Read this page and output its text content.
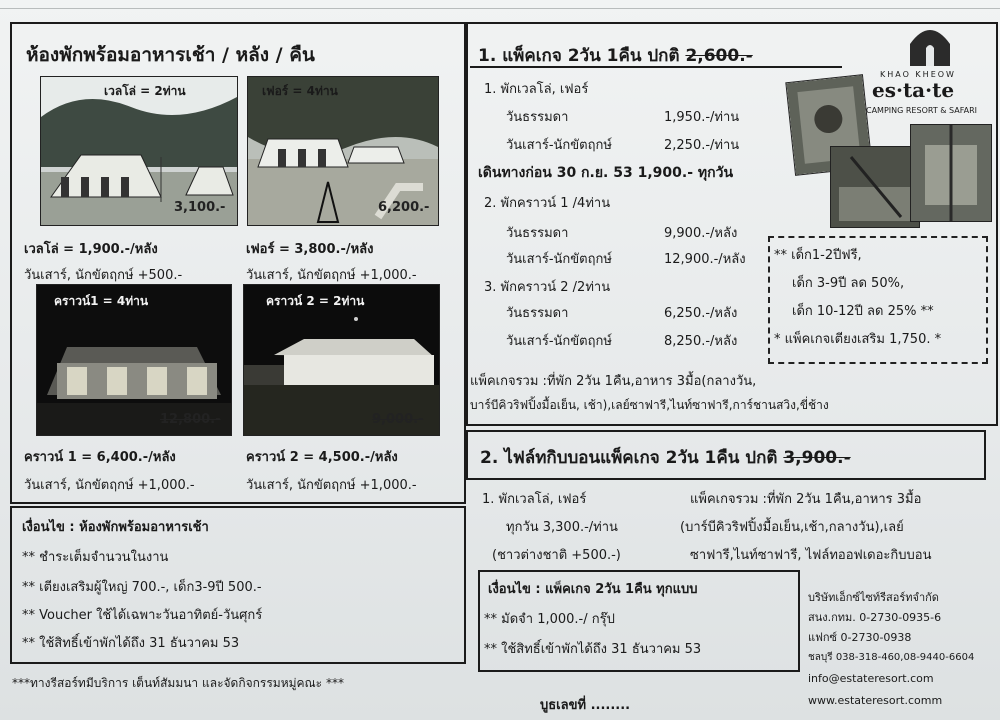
ห้องพักพร้อมอาหารเช้า / หลัง / คืน
เวลโล่ = 2ท่าน
3,100.-
เฟอร์ = 4ท่าน
6,200.-
เวลโล่ = 1,900.-/หลัง
วันเสาร์, นักขัตฤกษ์ +500.-
เฟอร์ = 3,800.-/หลัง
วันเสาร์, นักขัตฤกษ์ +1,000.-
คราวน์1 = 4ท่าน
12,800.-
คราวน์ 2 = 2ท่าน
9,000.-
คราวน์ 1 = 6,400.-/หลัง
วันเสาร์, นักขัตฤกษ์ +1,000.-
คราวน์ 2 = 4,500.-/หลัง
วันเสาร์, นักขัตฤกษ์ +1,000.-
เงื่อนไข : ห้องพักพร้อมอาหารเช้า
** ชำระเต็มจำนวนในงาน
** เตียงเสริมผู้ใหญ่ 700.-, เด็ก3-9ปี 500.-
** Voucher ใช้ได้เฉพาะวันอาทิตย์-วันศุกร์
** ใช้สิทธิ์เข้าพักได้ถึง 31 ธันวาคม 53
***ทางรีสอร์ทมีบริการ เต็นท์สัมมนา และจัดกิจกรรมหมู่คณะ ***
1. แพ็คเกจ 2วัน 1คืน ปกติ 2,600.-
1. พักเวลโล่, เฟอร์
วันธรรมดา	1,950.-/ท่าน
วันเสาร์-นักขัตฤกษ์	2,250.-/ท่าน
เดินทางก่อน 30 ก.ย. 53 1,900.- ทุกวัน
2. พักคราวน์ 1 /4ท่าน
วันธรรมดา	9,900.-/หลัง
วันเสาร์-นักขัตฤกษ์	12,900.-/หลัง
3. พักคราวน์ 2 /2ท่าน
วันธรรมดา	6,250.-/หลัง
วันเสาร์-นักขัตฤกษ์	8,250.-/หลัง
** เด็ก1-2ปีฟรี,
เด็ก 3-9ปี ลด 50%,
เด็ก 10-12ปี ลด 25% **
* แพ็คเกจเตียงเสริม 1,750. *
แพ็คเกจรวม :ที่พัก 2วัน 1คืน,อาหาร 3มื้อ(กลางวัน,
บาร์บีคิวริฟปิ้งมื้อเย็น, เช้า),เลย์ซาฟารี,ไนท์ซาฟารี,การ์ชานสวิง,ขี่ช้าง
KHAO KHEOW
es·ta·te
CAMPING RESORT & SAFARI
2. ไฟล์ทกิบบอนแพ็คเกจ 2วัน 1คืน ปกติ 3,900.-
1. พักเวลโล่, เฟอร์
ทุกวัน 3,300.-/ท่าน
(ชาวต่างชาติ +500.-)
แพ็คเกจรวม :ที่พัก 2วัน 1คืน,อาหาร 3มื้อ
(บาร์บีคิวริฟปิ้งมื้อเย็น,เช้า,กลางวัน),เลย์
ซาฟารี,ไนท์ซาฟารี, ไฟล์ทออฟเดอะกิบบอน
เงื่อนไข : แพ็คเกจ 2วัน 1คืน ทุกแบบ
** มัดจำ 1,000.-/ กรุ๊ป
** ใช้สิทธิ์เข้าพักได้ถึง 31 ธันวาคม 53
บริษัทเอ็กซ์ไซท์รีสอร์ทจำกัด
สนง.กทม. 0-2730-0935-6
แฟกซ์ 0-2730-0938
ชลบุรี 038-318-460,08-9440-6604
info@estateresort.com
www.estateresort.comm
บูธเลขที่ ........
